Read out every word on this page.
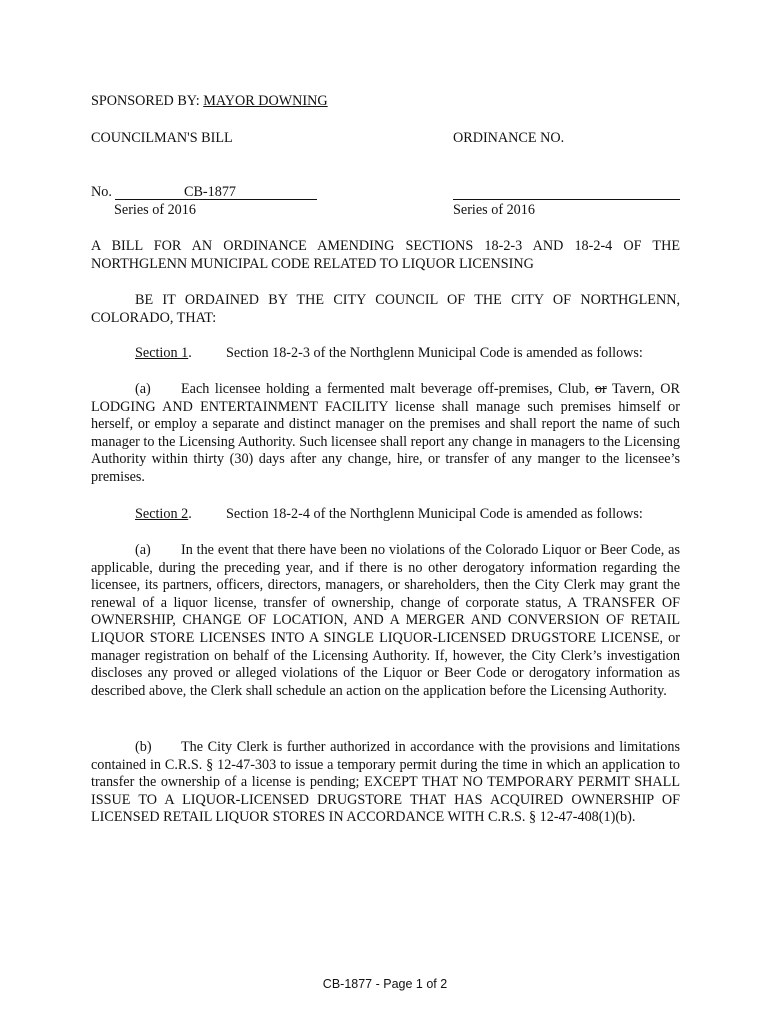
SPONSORED BY: MAYOR DOWNING
COUNCILMAN'S BILL	ORDINANCE NO.
No.	CB-1877
Series of 2016	Series of 2016
A BILL FOR AN ORDINANCE AMENDING SECTIONS 18-2-3 AND 18-2-4 OF THE NORTHGLENN MUNICIPAL CODE RELATED TO LIQUOR LICENSING
BE IT ORDAINED BY THE CITY COUNCIL OF THE CITY OF NORTHGLENN, COLORADO, THAT:
Section 1. Section 18-2-3 of the Northglenn Municipal Code is amended as follows:
(a) Each licensee holding a fermented malt beverage off-premises, Club, or Tavern, OR LODGING AND ENTERTAINMENT FACILITY license shall manage such premises himself or herself, or employ a separate and distinct manager on the premises and shall report the name of such manager to the Licensing Authority. Such licensee shall report any change in managers to the Licensing Authority within thirty (30) days after any change, hire, or transfer of any manger to the licensee’s premises.
Section 2. Section 18-2-4 of the Northglenn Municipal Code is amended as follows:
(a) In the event that there have been no violations of the Colorado Liquor or Beer Code, as applicable, during the preceding year, and if there is no other derogatory information regarding the licensee, its partners, officers, directors, managers, or shareholders, then the City Clerk may grant the renewal of a liquor license, transfer of ownership, change of corporate status, A TRANSFER OF OWNERSHIP, CHANGE OF LOCATION, AND A MERGER AND CONVERSION OF RETAIL LIQUOR STORE LICENSES INTO A SINGLE LIQUOR-LICENSED DRUGSTORE LICENSE, or manager registration on behalf of the Licensing Authority. If, however, the City Clerk’s investigation discloses any proved or alleged violations of the Liquor or Beer Code or derogatory information as described above, the Clerk shall schedule an action on the application before the Licensing Authority.
(b) The City Clerk is further authorized in accordance with the provisions and limitations contained in C.R.S. § 12-47-303 to issue a temporary permit during the time in which an application to transfer the ownership of a license is pending; EXCEPT THAT NO TEMPORARY PERMIT SHALL ISSUE TO A LIQUOR-LICENSED DRUGSTORE THAT HAS ACQUIRED OWNERSHIP OF LICENSED RETAIL LIQUOR STORES IN ACCORDANCE WITH C.R.S. § 12-47-408(1)(b).
CB-1877 - Page 1 of 2
